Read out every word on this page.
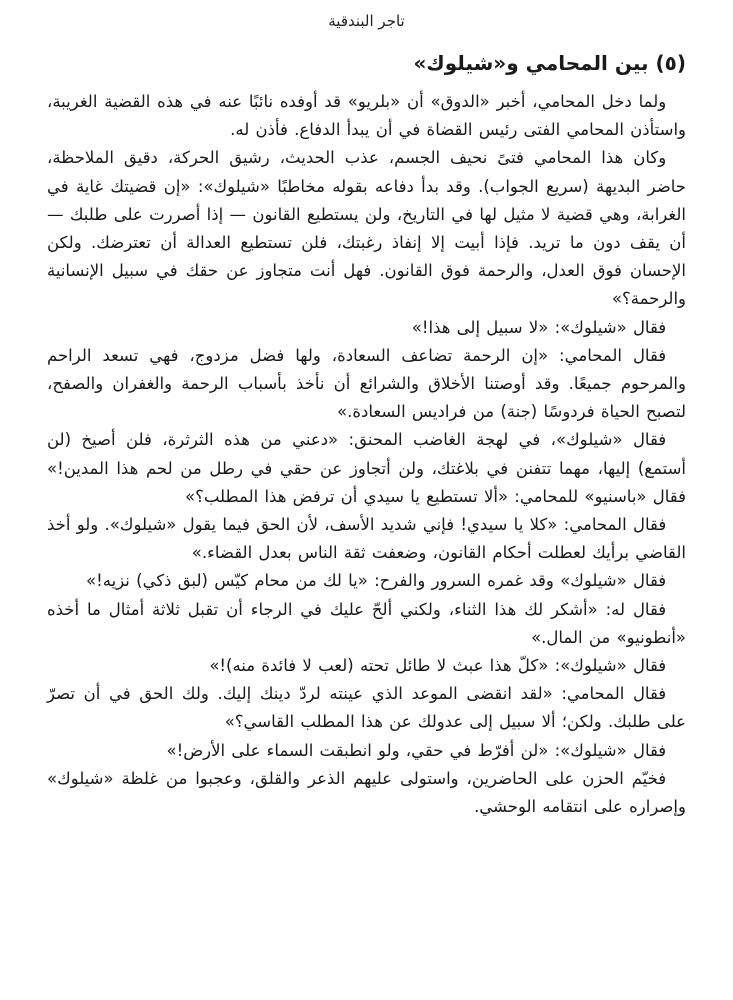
تاجر البندقية
(٥) بين المحامي و«شيلوك»

ولما دخل المحامي، أخبر «الدوق» أن «بلريو» قد أوفده نائبًا عنه في هذه القضية الغريبة، واستأذن المحامي الفتى رئيس القضاة في أن يبدأ الدفاع. فأذن له.

وكان هذا المحامي فتىً نحيف الجسم، عذب الحديث، رشيق الحركة، دقيق الملاحظة، حاضر البديهة (سريع الجواب). وقد بدأ دفاعه بقوله مخاطبًا «شيلوك»: «إن قضيتك غاية في الغرابة، وهي قضية لا مثيل لها في التاريخ، ولن يستطيع القانون — إذا أصررت على طلبك — أن يقف دون ما تريد. فإذا أبيت إلا إنفاذ رغبتك، فلن تستطيع العدالة أن تعترضك. ولكن الإحسان فوق العدل، والرحمة فوق القانون. فهل أنت متجاوز عن حقك في سبيل الإنسانية والرحمة؟»

فقال «شيلوك»: «لا سبيل إلى هذا!»

فقال المحامي: «إن الرحمة تضاعف السعادة، ولها فضل مزدوج، فهي تسعد الراحم والمرحوم جميعًا. وقد أوصتنا الأخلاق والشرائع أن نأخذ بأسباب الرحمة والغفران والصفح، لتصبح الحياة فردوسًا (جنة) من فراديس السعادة.»

فقال «شيلوك»، في لهجة الغاضب المحنق: «دعني من هذه الثرثرة، فلن أصيخ (لن أستمع) إليها، مهما تتفنن في بلاغتك، ولن أتجاوز عن حقي في رطل من لحم هذا المدين!» فقال «باسنيو» للمحامي: «ألا تستطيع يا سيدي أن ترفض هذا المطلب؟»

فقال المحامي: «كلا يا سيدي! فإني شديد الأسف، لأن الحق فيما يقول «شيلوك». ولو أخذ القاضي برأيك لعطلت أحكام القانون، وضعفت ثقة الناس بعدل القضاء.»

فقال «شيلوك» وقد غمره السرور والفرح: «يا لك من محام كيّس (لبق ذكي) نزيه!»

فقال له: «أشكر لك هذا الثناء، ولكني ألحّ عليك في الرجاء أن تقبل ثلاثة أمثال ما أخذه «أنطونيو» من المال.»

فقال «شيلوك»: «كلّ هذا عبث لا طائل تحته (لعب لا فائدة منه)!»

فقال المحامي: «لقد انقضى الموعد الذي عينته لردّ دينك إليك. ولك الحق في أن تصرّ على طلبك. ولكن؛ ألا سبيل إلى عدولك عن هذا المطلب القاسي؟»

فقال «شيلوك»: «لن أفرّط في حقي، ولو انطبقت السماء على الأرض!»

فخيّم الحزن على الحاضرين، واستولى عليهم الذعر والقلق، وعجبوا من غلظة «شيلوك» وإصراره على انتقامه الوحشي.
